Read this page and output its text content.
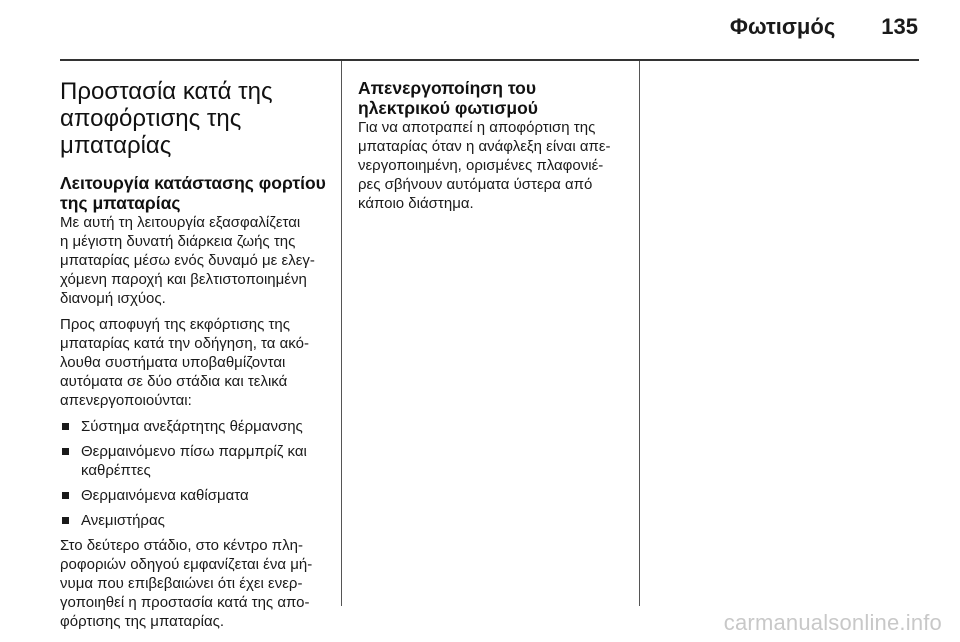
Φωτισμός 135
Προστασία κατά της
αποφόρτισης της
μπαταρίας
Λειτουργία κατάστασης φορτίου
της μπαταρίας

Με αυτή τη λειτουργία εξασφαλίζεται
η μέγιστη δυνατή διάρκεια ζωής της
μπαταρίας μέσω ενός δυναμό με ελεγ-
χόμενη παροχή και βελτιστοποιημένη
διανομή ισχύος.

Προς αποφυγή της εκφόρτισης της
μπαταρίας κατά την οδήγηση, τα ακό-
λουθα συστήματα υποβαθμίζονται
αυτόματα σε δύο στάδια και τελικά
απενεργοποιούνται:

Σύστημα ανεξάρτητης θέρμανσης
Θερμαινόμενο πίσω παρμπρίζ και
καθρέπτες
Θερμαινόμενα καθίσματα
Ανεμιστήρας

Στο δεύτερο στάδιο, στο κέντρο πλη-
ροφοριών οδηγού εμφανίζεται ένα μή-
νυμα που επιβεβαιώνει ότι έχει ενερ-
γοποιηθεί η προστασία κατά της απο-
φόρτισης της μπαταρίας.

Απενεργοποίηση του
ηλεκτρικού φωτισμού

Για να αποτραπεί η αποφόρτιση της
μπαταρίας όταν η ανάφλεξη είναι απε-
νεργοποιημένη, ορισμένες πλαφονιέ-
ρες σβήνουν αυτόματα ύστερα από
κάποιο διάστημα.

carmanualsonline.info
